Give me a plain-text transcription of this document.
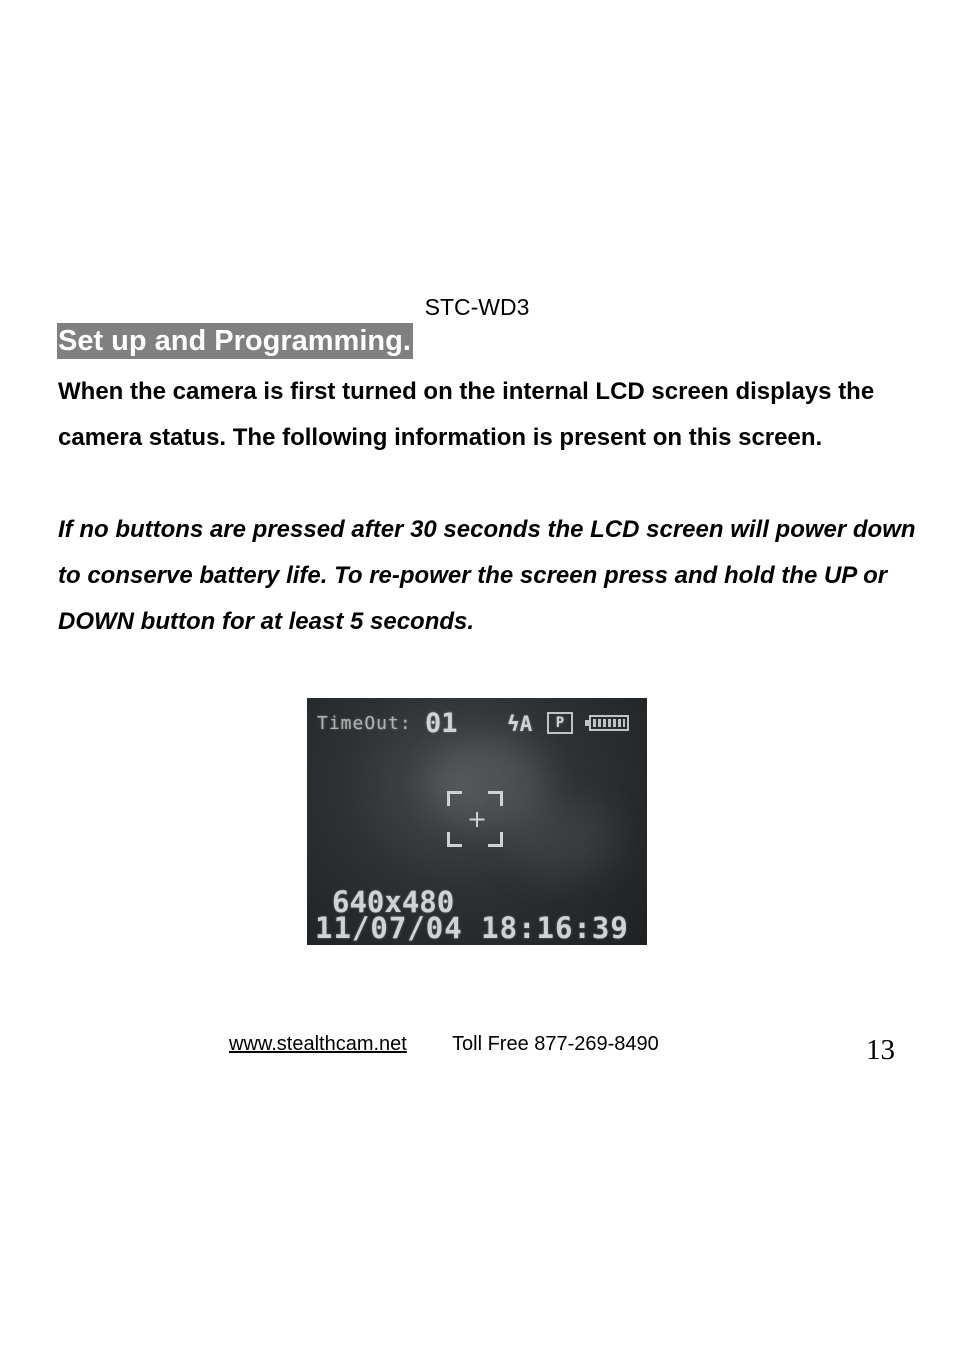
STC-WD3
Set up and Programming.

When the camera is first turned on the internal LCD screen displays the camera status. The following information is present on this screen.

If no buttons are pressed after 30 seconds the LCD screen will power down to conserve battery life. To re-power the screen press and hold the UP or DOWN button for at least 5 seconds.

TimeOut: 01 ϟA	P
+
640x480
11/07/04 18:16:39
www.stealthcam.net Toll Free 877-269-8490	13
